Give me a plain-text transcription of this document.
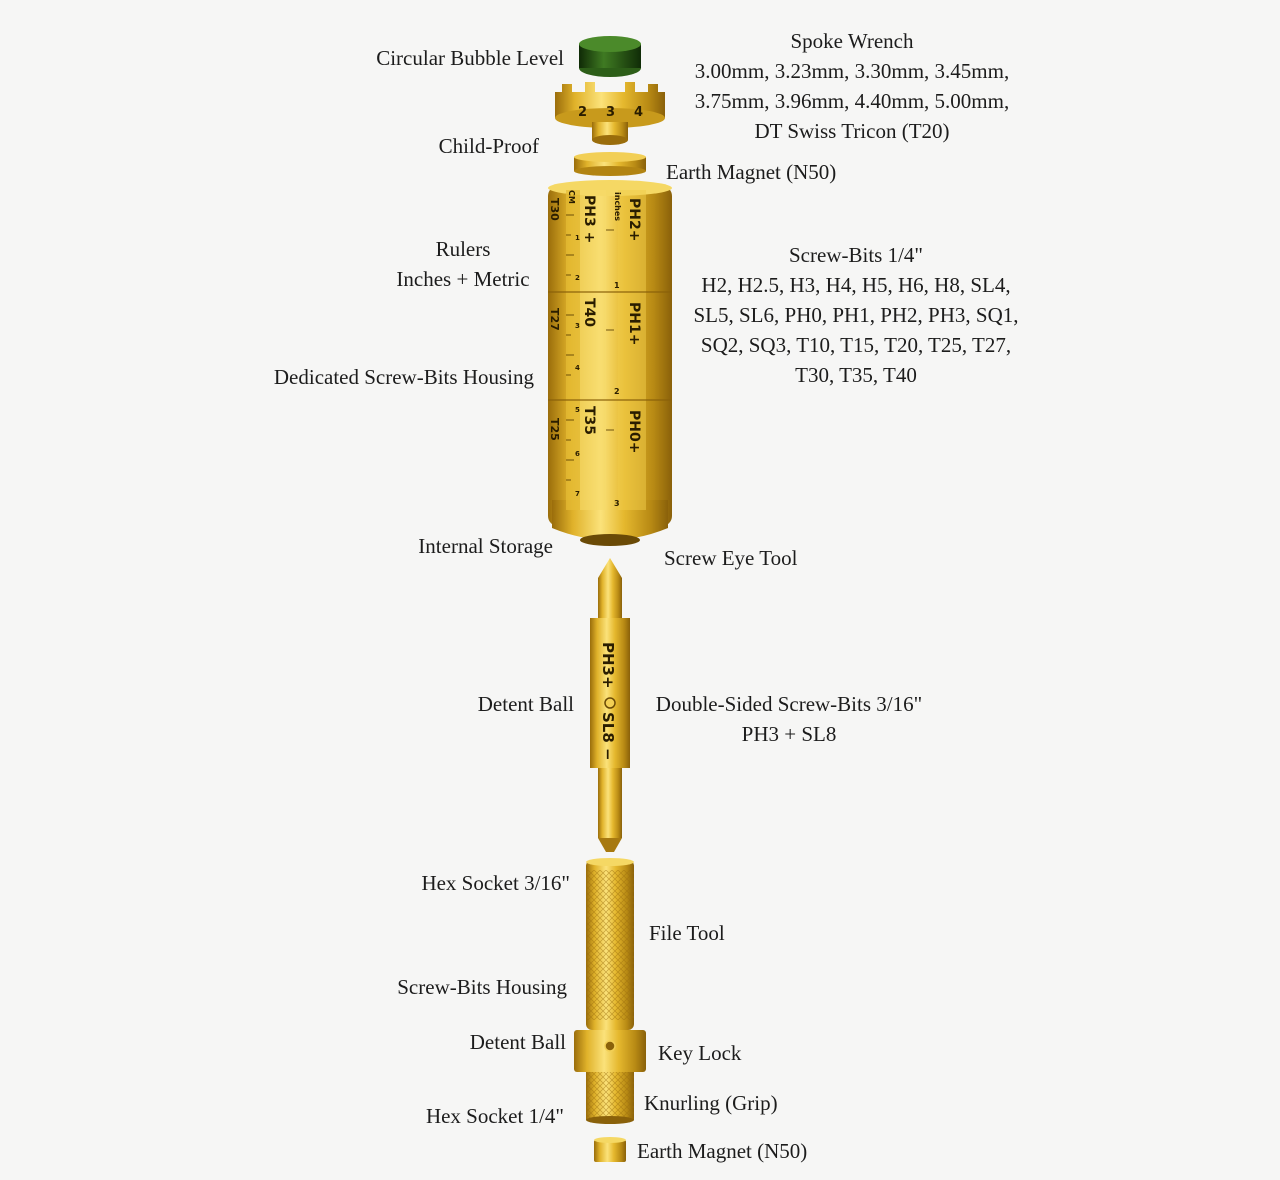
2 3 4
PH3 +
T40
T35
PH2+
PH1+
PH0+
T30
T27
T25
CM	inches
1
2
3
1
2
3
4
5
6
7
PH3+
SL8 −
Circular Bubble Level
Spoke Wrench
3.00mm, 3.23mm, 3.30mm, 3.45mm,
3.75mm, 3.96mm, 4.40mm, 5.00mm,
DT Swiss Tricon (T20)
Child-Proof
Earth Magnet (N50)
Rulers
Inches + Metric
Screw-Bits 1/4"
H2, H2.5, H3, H4, H5, H6, H8, SL4,
SL5, SL6, PH0, PH1, PH2, PH3, SQ1,
SQ2, SQ3, T10, T15, T20, T25, T27,
T30, T35, T40
Dedicated Screw-Bits Housing
Internal Storage	Screw Eye Tool
Detent Ball	Double-Sided Screw-Bits 3/16"
PH3 + SL8
Hex Socket 3/16"
File Tool
Screw-Bits Housing
Detent Ball	Key Lock
Knurling (Grip)
Hex Socket 1/4"
Earth Magnet (N50)
